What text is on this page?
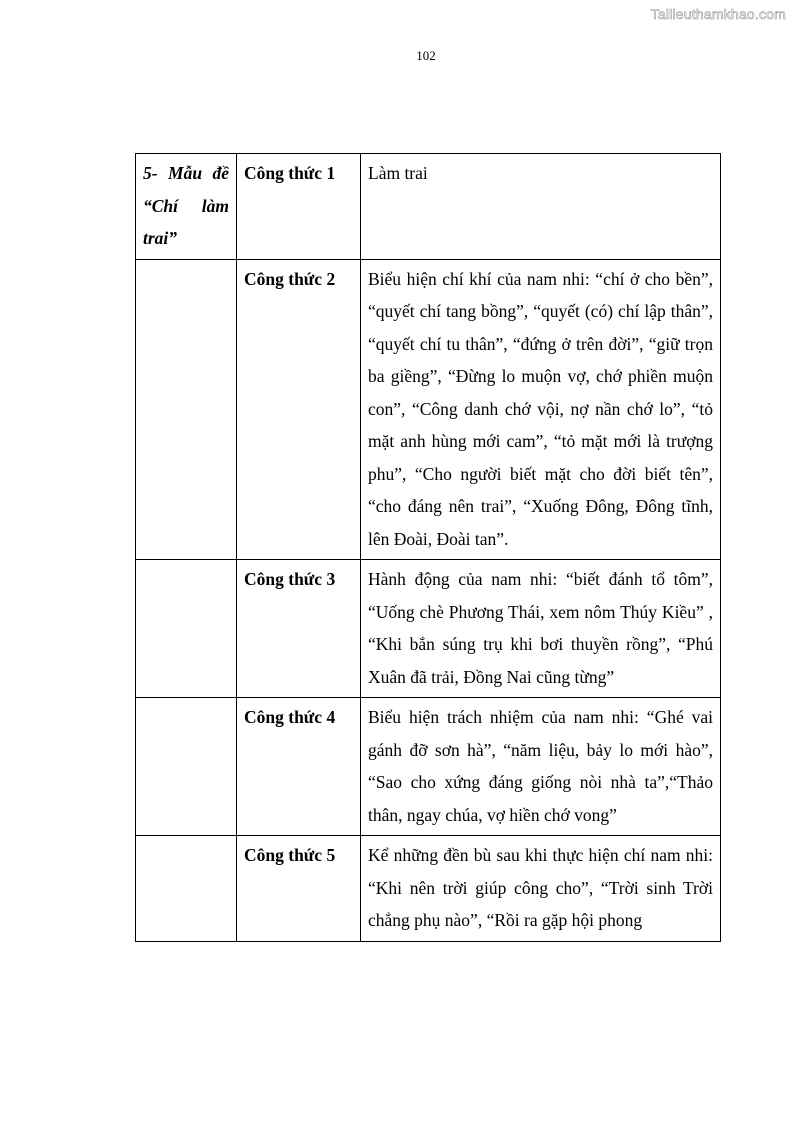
Tailieuthamkhao.com
102
5- Mẫu đề “Chí làm trai”	Công thức 1	Làm trai
	Công thức 2	Biểu hiện chí khí của nam nhi: “chí ở cho bền”, “quyết chí tang bồng”, “quyết (có) chí lập thân”, “quyết chí tu thân”, “đứng ở trên đời”, “giữ trọn ba giềng”, “Đừng lo muộn vợ, chớ phiền muộn con”, “Công danh chớ vội, nợ nần chớ lo”, “tỏ mặt anh hùng mới cam”, “tỏ mặt mới là trượng phu”, “Cho người biết mặt cho đời biết tên”, “cho đáng nên trai”, “Xuống Đông, Đông tĩnh, lên Đoài, Đoài tan”.
	Công thức 3	Hành động của nam nhi: “biết đánh tổ tôm”, “Uống chè Phương Thái, xem nôm Thúy Kiều” , “Khi bắn súng trụ khi bơi thuyền rồng”, “Phú Xuân đã trải, Đồng Nai cũng từng”
	Công thức 4	Biểu hiện trách nhiệm của nam nhi: “Ghé vai gánh đỡ sơn hà”, “năm liệu, bảy lo mới hào”, “Sao cho xứng đáng giống nòi nhà ta”,“Thảo thân, ngay chúa, vợ hiền chớ vong”
	Công thức 5	Kể những đền bù sau khi thực hiện chí nam nhi: “Khi nên trời giúp công cho”, “Trời sinh Trời chẳng phụ nào”, “Rồi ra gặp hội phong
